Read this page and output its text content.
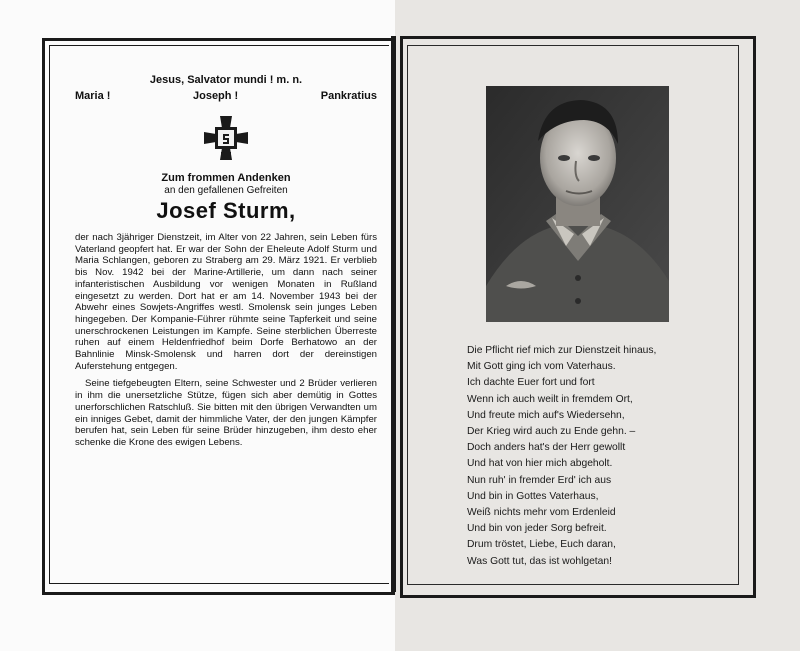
Jesus, Salvator mundi ! m. n.
Maria !	Joseph !	Pankratius
Zum frommen Andenken
an den gefallenen Gefreiten
Josef Sturm,

der nach 3jähriger Dienstzeit, im Alter von 22 Jahren, sein Leben fürs Vaterland geopfert hat. Er war der Sohn der Eheleute Adolf Sturm und Maria Schlangen, geboren zu Straberg am 29. März 1921. Er verblieb bis Nov. 1942 bei der Marine-Artillerie, um dann nach seiner infanteristischen Ausbildung vor wenigen Monaten in Rußland eingesetzt zu werden. Dort hat er am 14. November 1943 bei der Abwehr eines Sowjets-Angriffes westl. Smolensk sein junges Leben hingegeben. Der Kompanie-Führer rühmte seine Tapferkeit und seine unerschrockenen Leistungen im Kampfe. Seine sterblichen Überreste ruhen auf einem Heldenfriedhof beim Dorfe Berhatowo an der Bahnlinie Minsk-Smolensk und harren dort der dereinstigen Auferstehung entgegen.

Seine tiefgebeugten Eltern, seine Schwester und 2 Brüder verlieren in ihm die unersetzliche Stütze, fügen sich aber demütig in Gottes unerforschlichen Ratschluß. Sie bitten mit den übrigen Verwandten um ein inniges Gebet, damit der himmliche Vater, der den jungen Kämpfer berufen hat, sein Leben für seine Brüder hinzugeben, ihm desto eher schenke die Krone des ewigen Lebens.

Die Pflicht rief mich zur Dienstzeit hinaus,
Mit Gott ging ich vom Vaterhaus.
Ich dachte Euer fort und fort
Wenn ich auch weilt in fremdem Ort,
Und freute mich auf's Wiedersehn,
Der Krieg wird auch zu Ende gehn. –
Doch anders hat's der Herr gewollt
Und hat von hier mich abgeholt.
Nun ruh' in fremder Erd' ich aus
Und bin in Gottes Vaterhaus,
Weiß nichts mehr vom Erdenleid
Und bin von jeder Sorg befreit.
Drum tröstet, Liebe, Euch daran,
Was Gott tut, das ist wohlgetan!
